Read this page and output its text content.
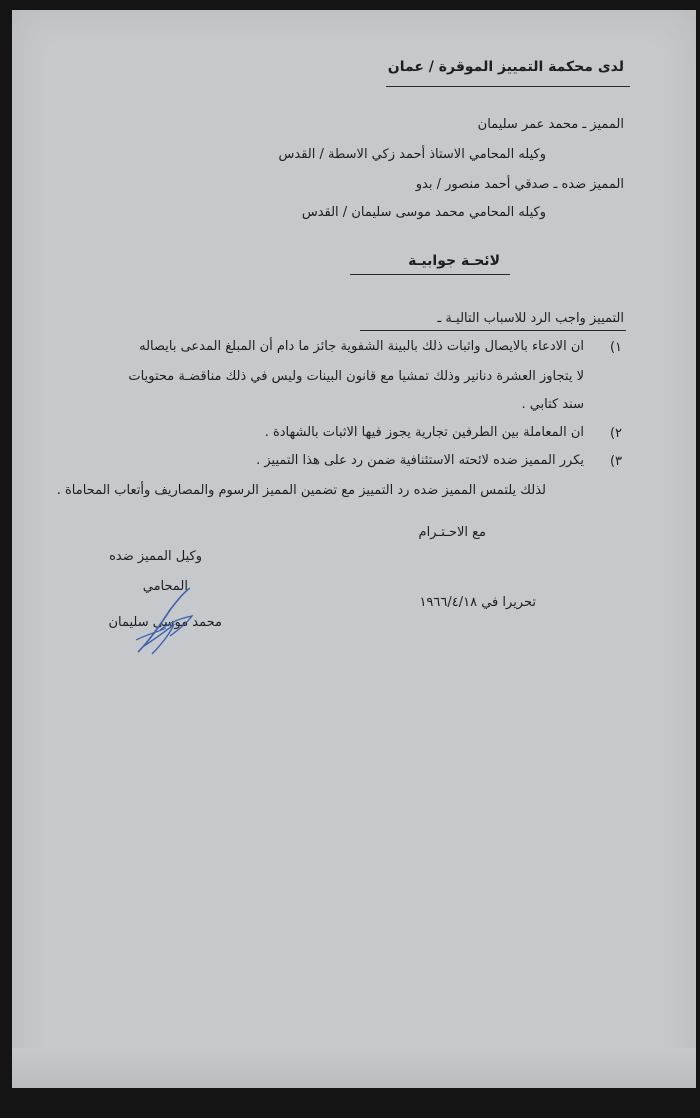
لدى محكمة التمييز الموقرة / عمان
المميز ـ محمد عمر سليمان
وكيله المحامي الاستاذ أحمد زكي الاسطة / القدس
المميز ضده ـ صدقي أحمد منصور / بدو
وكيله المحامي محمد موسى سليمان / القدس
لائحـة جوابيـة
التمييز واجب الرد للاسباب التاليـة ـ
١)
ان الادعاء بالايصال واثبات ذلك بالبينة الشفوية جائز ما دام أن المبلغ المدعى بايصاله
لا يتجاوز العشرة دنانير وذلك تمشيا مع قانون البينات وليس في ذلك مناقضـة محتويات
سند كتابي .
٢)
ان المعاملة بين الطرفين تجارية يجوز فيها الاثبات بالشهادة .
٣)
يكرر المميز ضده لائحته الاستئنافية ضمن رد على هذا التمييز .
لذلك يلتمس المميز ضده رد التمييز مع تضمين المميز الرسوم والمصاريف وأتعاب المحاماة .
مع الاحـتـرام
وكيل المميز ضده
المحامي
محمد موسى سليمان
تحريرا في ١٩٦٦/٤/١٨
